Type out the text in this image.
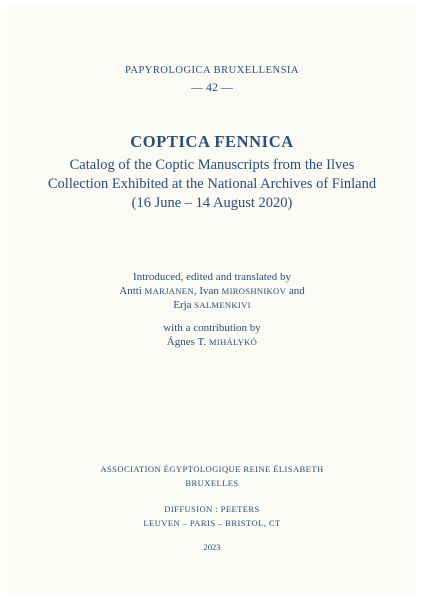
PAPYROLOGICA BRUXELLENSIA
— 42 —
COPTICA FENNICA
Catalog of the Coptic Manuscripts from the Ilves
Collection Exhibited at the National Archives of Finland
(16 June – 14 August 2020)
Introduced, edited and translated by
Antti MARJANEN, Ivan MIROSHNIKOV and
Erja SALMENKIVI
with a contribution by
Ágnes T. MIHÁLYKÓ
ASSOCIATION ÉGYPTOLOGIQUE REINE ÉLISABETH
BRUXELLES
DIFFUSION : PEETERS
LEUVEN – PARIS – BRISTOL, CT
2023
